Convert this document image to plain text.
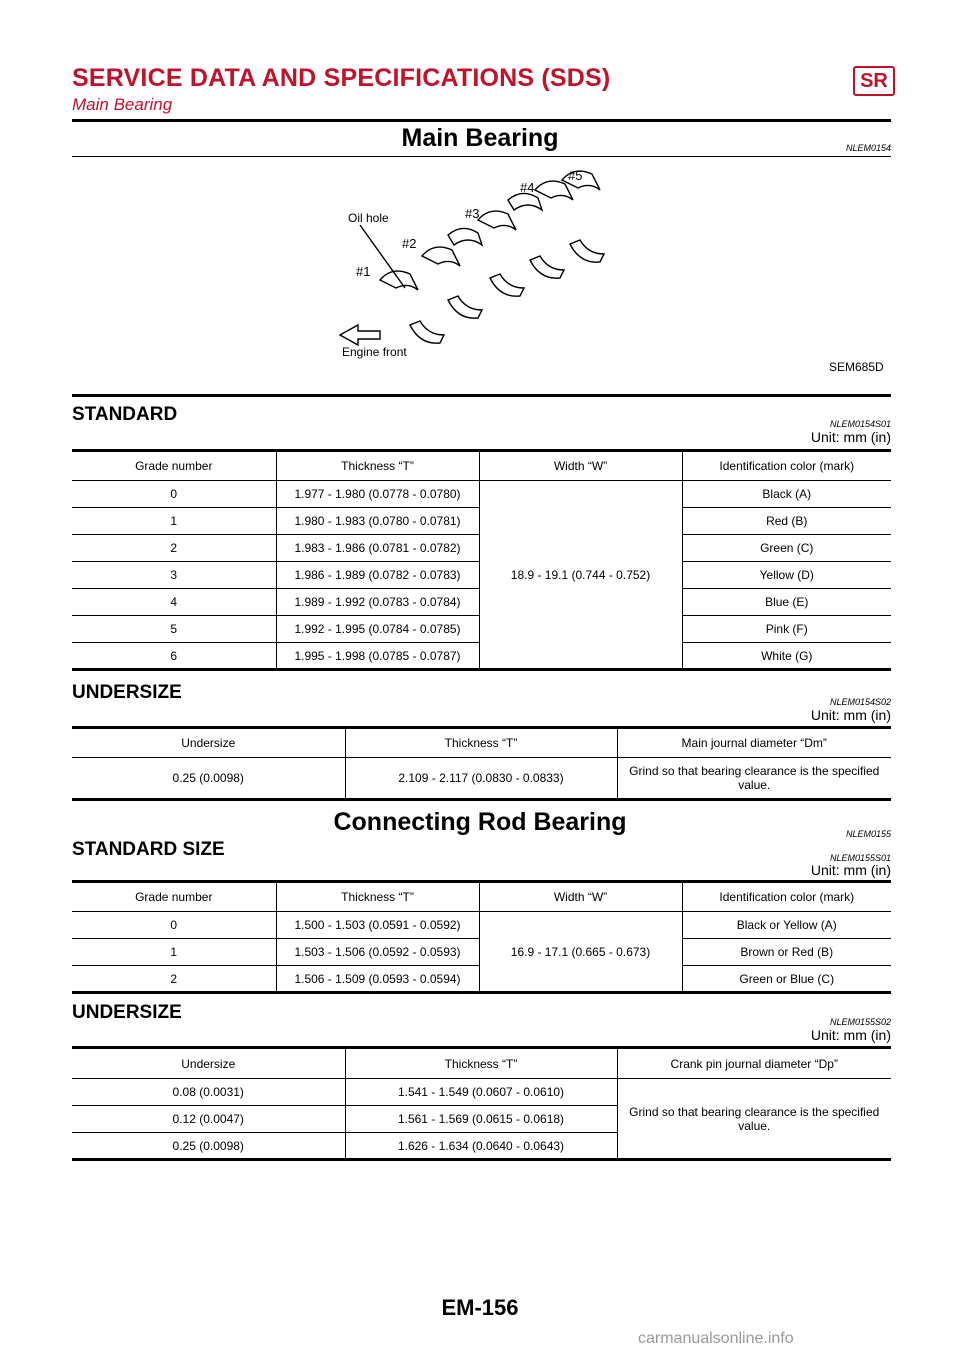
SERVICE DATA AND SPECIFICATIONS (SDS)	SR
Main Bearing
Main Bearing	NLEM0154
Oil hole
Engine front
#1
#2
#3
#4
#5
SEM685D
STANDARD	NLEM0154S01
Unit: mm (in)
Grade number	Thickness “T”	Width “W”	Identification color (mark)
0	1.977 - 1.980 (0.0778 - 0.0780)	18.9 - 19.1 (0.744 - 0.752)	Black (A)
1	1.980 - 1.983 (0.0780 - 0.0781)		Red (B)
2	1.983 - 1.986 (0.0781 - 0.0782)		Green (C)
3	1.986 - 1.989 (0.0782 - 0.0783)		Yellow (D)
4	1.989 - 1.992 (0.0783 - 0.0784)		Blue (E)
5	1.992 - 1.995 (0.0784 - 0.0785)		Pink (F)
6	1.995 - 1.998 (0.0785 - 0.0787)		White (G)
UNDERSIZE	NLEM0154S02
Unit: mm (in)
Undersize	Thickness “T”	Main journal diameter “Dm”
0.25 (0.0098)	2.109 - 2.117 (0.0830 - 0.0833)	Grind so that bearing clearance is the specified value.
Connecting Rod Bearing	NLEM0155
STANDARD SIZE	NLEM0155S01
Unit: mm (in)
Grade number	Thickness “T”	Width “W”	Identification color (mark)
0	1.500 - 1.503 (0.0591 - 0.0592)	16.9 - 17.1 (0.665 - 0.673)	Black or Yellow (A)
1	1.503 - 1.506 (0.0592 - 0.0593)		Brown or Red (B)
2	1.506 - 1.509 (0.0593 - 0.0594)		Green or Blue (C)
UNDERSIZE	NLEM0155S02
Unit: mm (in)
Undersize	Thickness “T”	Crank pin journal diameter “Dp”
0.08 (0.0031)	1.541 - 1.549 (0.0607 - 0.0610)	Grind so that bearing clearance is the specified value.
0.12 (0.0047)	1.561 - 1.569 (0.0615 - 0.0618)	
0.25 (0.0098)	1.626 - 1.634 (0.0640 - 0.0643)	
EM-156
carmanualsonline.info
